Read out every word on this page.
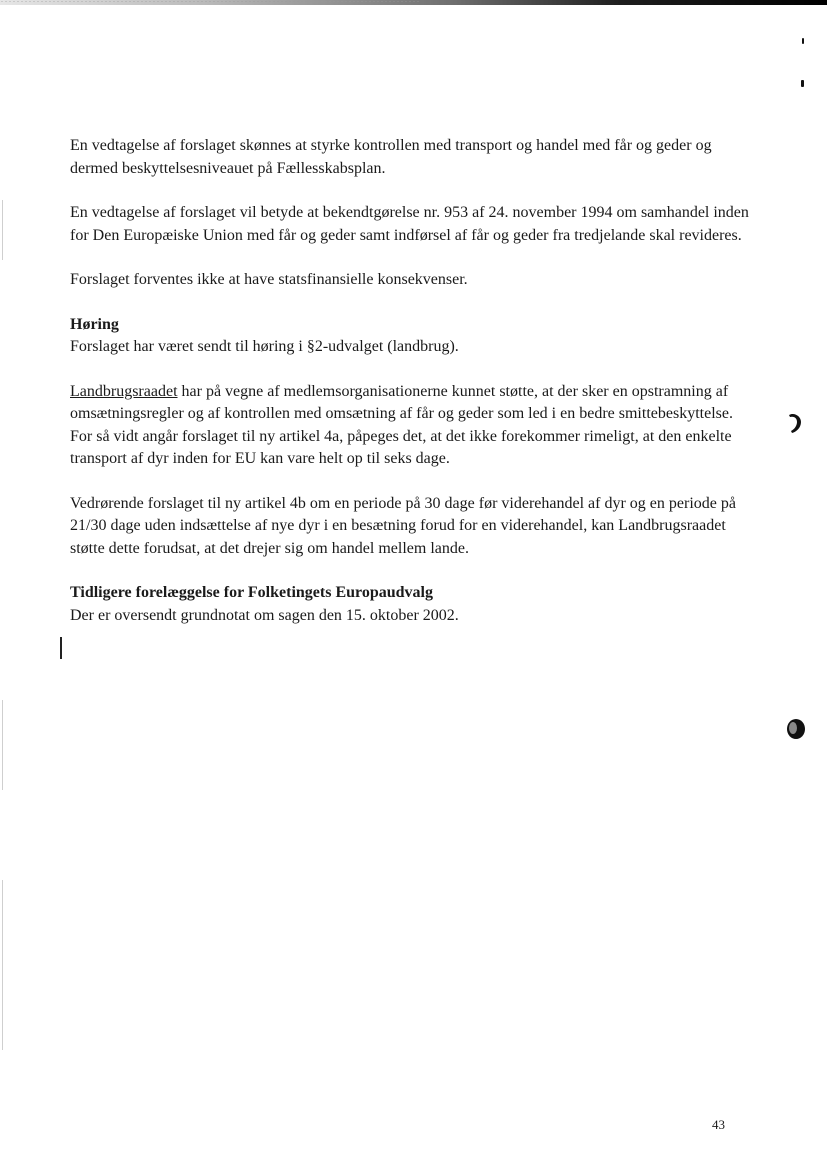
En vedtagelse af forslaget skønnes at styrke kontrollen med transport og handel med får og geder og dermed beskyttelsesniveauet på Fællesskabsplan.

En vedtagelse af forslaget vil betyde at bekendtgørelse nr. 953 af 24. november 1994 om samhandel inden for Den Europæiske Union med får og geder samt indførsel af får og geder fra tredjelande skal revideres.

Forslaget forventes ikke at have statsfinansielle konsekvenser.

Høring

Forslaget har været sendt til høring i §2-udvalget (landbrug).

Landbrugsraadet har på vegne af medlemsorganisationerne kunnet støtte, at der sker en opstramning af omsætningsregler og af kontrollen med omsætning af får og geder som led i en bedre smittebeskyttelse. For så vidt angår forslaget til ny artikel 4a, påpeges det, at det ikke forekommer rimeligt, at den enkelte transport af dyr inden for EU kan vare helt op til seks dage.

Vedrørende forslaget til ny artikel 4b om en periode på 30 dage før viderehandel af dyr og en periode på 21/30 dage uden indsættelse af nye dyr i en besætning forud for en viderehandel, kan Landbrugsraadet støtte dette forudsat, at det drejer sig om handel mellem lande.

Tidligere forelæggelse for Folketingets Europaudvalg

Der er oversendt grundnotat om sagen den 15. oktober 2002.

43
